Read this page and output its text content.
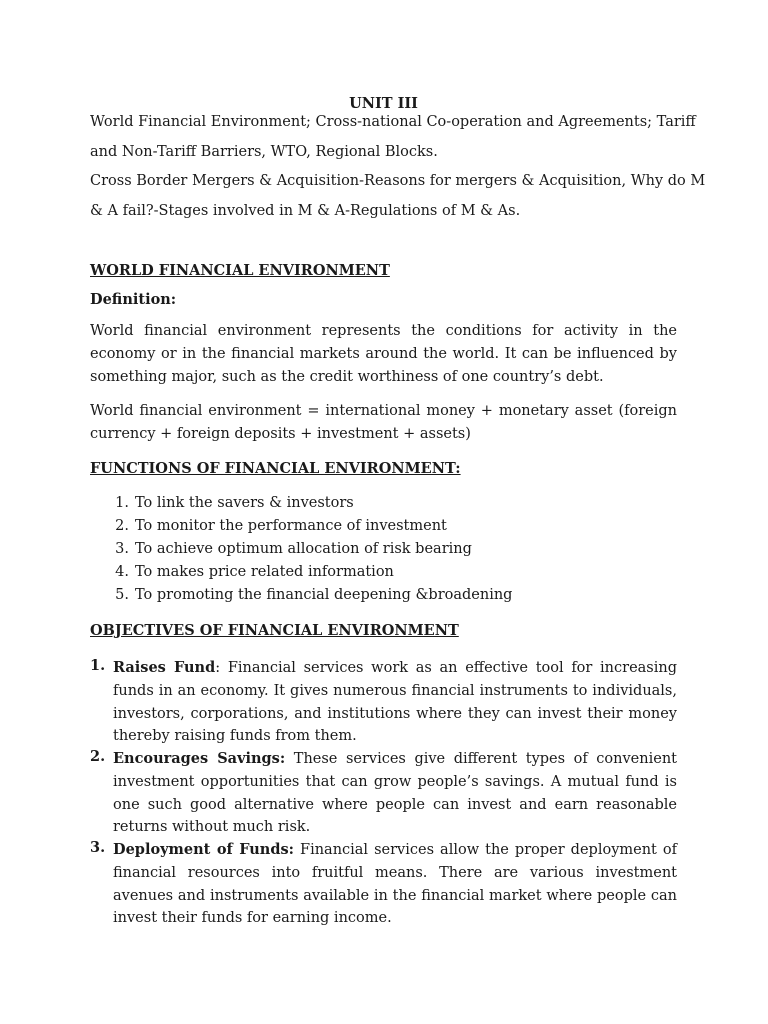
UNIT III
World Financial Environment; Cross-national Co-operation and Agreements; Tariff
and Non-Tariff Barriers, WTO, Regional Blocks.
Cross Border Mergers & Acquisition-Reasons for mergers & Acquisition, Why do M
& A fail?-Stages involved in M & A-Regulations of M & As.
WORLD FINANCIAL ENVIRONMENT
Definition:
World financial environment represents the conditions for activity in the economy or in the financial markets around the world. It can be influenced by something major, such as the credit worthiness of one country’s debt.
World financial environment = international money + monetary asset (foreign currency + foreign deposits + investment + assets)
FUNCTIONS OF FINANCIAL ENVIRONMENT:
1. To link the savers & investors
2. To monitor the performance of investment
3. To achieve optimum allocation of risk bearing
4. To makes price related information
5. To promoting the financial deepening &broadening
OBJECTIVES OF FINANCIAL ENVIRONMENT
1. Raises Fund: Financial services work as an effective tool for increasing funds in an economy. It gives numerous financial instruments to individuals, investors, corporations, and institutions where they can invest their money thereby raising funds from them.
2. Encourages Savings: These services give different types of convenient investment opportunities that can grow people’s savings. A mutual fund is one such good alternative where people can invest and earn reasonable returns without much risk.
3. Deployment of Funds: Financial services allow the proper deployment of financial resources into fruitful means. There are various investment avenues and instruments available in the financial market where people can invest their funds for earning income.
